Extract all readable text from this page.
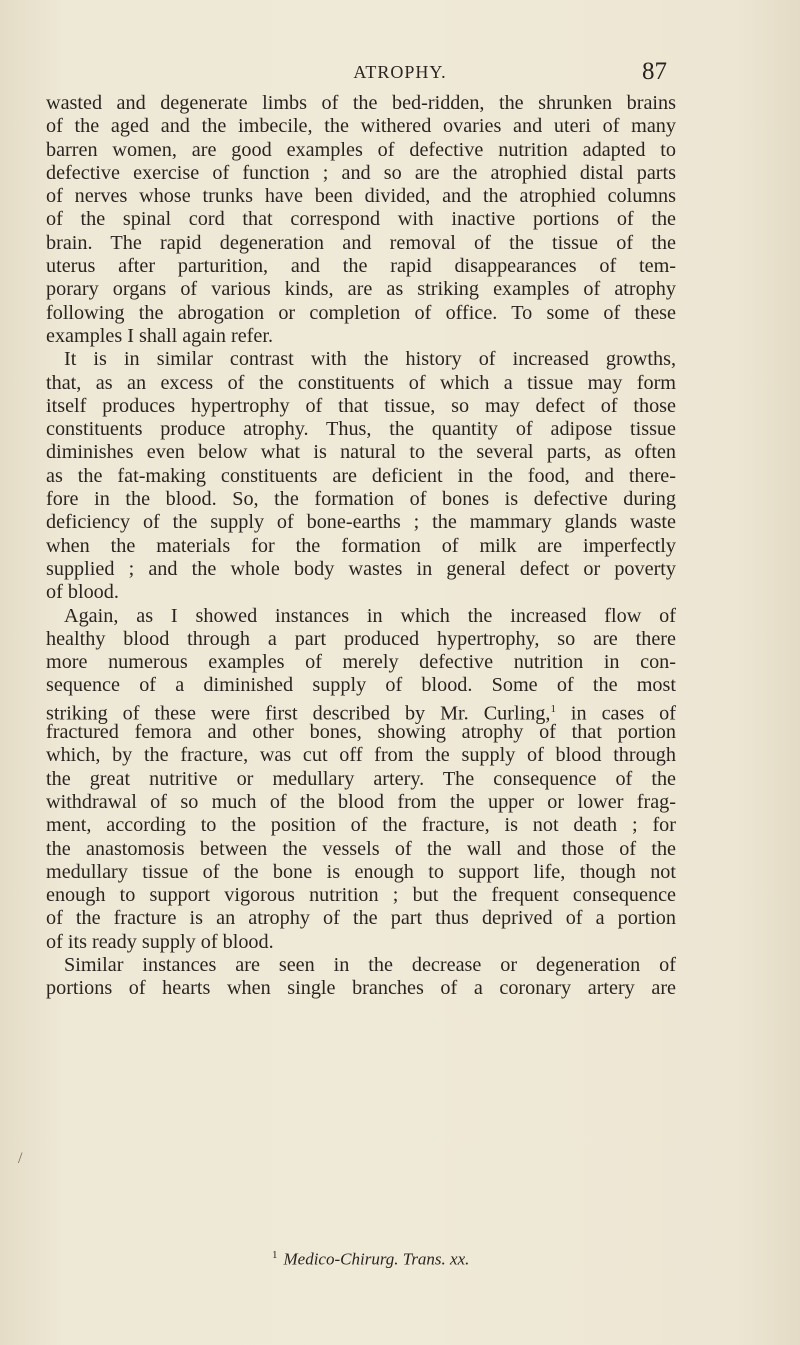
ATROPHY.	87
wasted and degenerate limbs of the bed-ridden, the shrunken brains
of the aged and the imbecile, the withered ovaries and uteri of many
barren women, are good examples of defective nutrition adapted to
defective exercise of function ; and so are the atrophied distal parts
of nerves whose trunks have been divided, and the atrophied columns
of the spinal cord that correspond with inactive portions of the
brain. The rapid degeneration and removal of the tissue of the
uterus after parturition, and the rapid disappearances of tem-
porary organs of various kinds, are as striking examples of atrophy
following the abrogation or completion of office. To some of these
examples I shall again refer.
It is in similar contrast with the history of increased growths,
that, as an excess of the constituents of which a tissue may form
itself produces hypertrophy of that tissue, so may defect of those
constituents produce atrophy. Thus, the quantity of adipose tissue
diminishes even below what is natural to the several parts, as often
as the fat-making constituents are deficient in the food, and there-
fore in the blood. So, the formation of bones is defective during
deficiency of the supply of bone-earths ; the mammary glands waste
when the materials for the formation of milk are imperfectly
supplied ; and the whole body wastes in general defect or poverty
of blood.
Again, as I showed instances in which the increased flow of
healthy blood through a part produced hypertrophy, so are there
more numerous examples of merely defective nutrition in con-
sequence of a diminished supply of blood. Some of the most
striking of these were first described by Mr. Curling,$^1$ in cases of
fractured femora and other bones, showing atrophy of that portion
which, by the fracture, was cut off from the supply of blood through
the great nutritive or medullary artery. The consequence of the
withdrawal of so much of the blood from the upper or lower frag-
ment, according to the position of the fracture, is not death ; for
the anastomosis between the vessels of the wall and those of the
medullary tissue of the bone is enough to support life, though not
enough to support vigorous nutrition ; but the frequent consequence
of the fracture is an atrophy of the part thus deprived of a portion
of its ready supply of blood.
Similar instances are seen in the decrease or degeneration of
portions of hearts when single branches of a coronary artery are
/
$^1$ Medico-Chirurg. Trans. xx.
